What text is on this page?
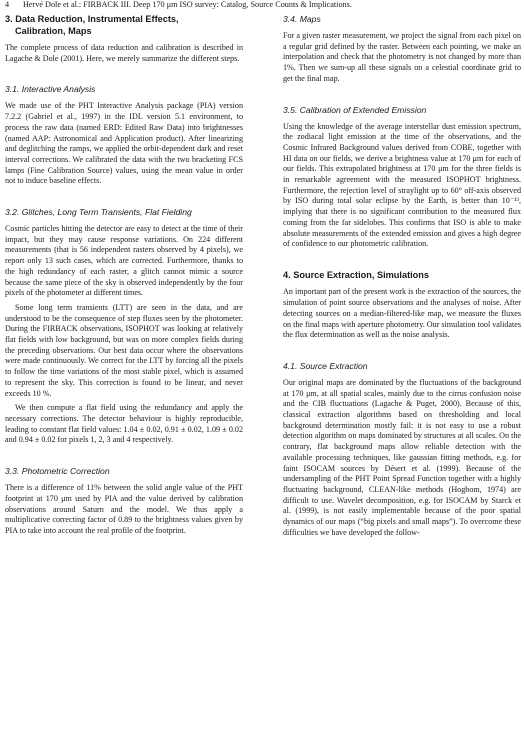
4 Hervé Dole et al.: FIRBACK III. Deep 170 μm ISO survey: Catalog, Source Counts & Implications.
3. Data Reduction, Instrumental Effects,
Calibration, Maps

The complete process of data reduction and calibration is described in Lagache & Dole (2001). Here, we merely summarize the different steps.

3.1. Interactive Analysis

We made use of the PHT Interactive Analysis package (PIA) version 7.2.2 (Gabriel et al., 1997) in the IDL version 5.1 environment, to process the raw data (named ERD: Edited Raw Data) into brightnesses (named AAP: Astronomical and Application product). After linearizing and deglitching the ramps, we applied the orbit-dependent dark and reset interval corrections. We calibrated the data with the two bracketing FCS lamps (Fine Calibration Source) values, using the mean value in order not to induce baseline effects.

3.2. Glitches, Long Term Transients, Flat Fielding

Cosmic particles hitting the detector are easy to detect at the time of their impact, but they may cause response variations. On 224 different measurements (that is 56 independent rasters observed by 4 pixels), we report only 13 such cases, which are corrected. Furthermore, thanks to the high redundancy of each raster, a glitch cannot mimic a source because the same piece of the sky is observed independently by the four pixels of the photometer at different times.

Some long term transients (LTT) are seen in the data, and are understood to be the consequence of step fluxes seen by the photometer. During the FIRBACK observations, ISOPHOT was looking at relatively flat fields with low background, but was on more complex fields during the preceding observations. Our best data occur where the observations were made continuously. We correct for the LTT by forcing all the pixels to follow the time variations of the most stable pixel, which is assumed to represent the sky. This correction is found to be linear, and never exceeds 10 %.

We then compute a flat field using the redundancy and apply the necessary corrections. The detector behaviour is highly reproducible, leading to constant flat field values: 1.04 ± 0.02, 0.91 ± 0.02, 1.09 ± 0.02 and 0.94 ± 0.02 for pixels 1, 2, 3 and 4 respectively.

3.3. Photometric Correction

There is a difference of 11% between the solid angle value of the PHT footprint at 170 μm used by PIA and the value derived by calibration observations around Saturn and the model. We thus apply a multiplicative correcting factor of 0.89 to the brightness values given by PIA to take into account the real profile of the footprint.

3.4. Maps

For a given raster measurement, we project the signal from each pixel on a regular grid defined by the raster. Between each pointing, we make an interpolation and check that the photometry is not changed by more than 1%. Then we sum-up all these signals on a celestial coordinate grid to get the final map.

3.5. Calibration of Extended Emission

Using the knowledge of the average interstellar dust emission spectrum, the zodiacal light emission at the time of the observations, and the Cosmic Infrared Background values derived from COBE, together with HI data on our fields, we derive a brightness value at 170 μm for each of our fields. This extrapolated brightness at 170 μm for the three fields is in remarkable agreement with the measured ISOPHOT brightness. Furthermore, the rejection level of straylight up to 60° off-axis observed by ISO during total solar eclipse by the Earth, is better than 10⁻¹³, implying that there is no significant contribution to the measured flux coming from the far sidelobes. This confirms that ISO is able to make absolute measurements of the extended emission and gives a high degree of confidence to our photometric calibration.

4. Source Extraction, Simulations

An important part of the present work is the extraction of the sources, the simulation of point source observations and the analyses of noise. After detecting sources on a median-filtered-like map, we measure the fluxes on the final maps with aperture photometry. Our simulation tool validates the flux determination as well as the noise analysis.

4.1. Source Extraction

Our original maps are dominated by the fluctuations of the background at 170 μm, at all spatial scales, mainly due to the cirrus confusion noise and the CIB fluctuations (Lagache & Puget, 2000). Because of this, classical extraction algorithms based on thresholding and local background determination mostly fail: it is not easy to use a robust detection algorithm on maps dominated by structures at all scales. On the contrary, flat background maps allow reliable detection with the available processing techniques, like gaussian fitting methods, e.g. for faint ISOCAM sources by Désert et al. (1999). Because of the undersampling of the PHT Point Spread Function together with a highly fluctuating background, CLEAN-like methods (Hogbom, 1974) are difficult to use. Wavelet decomposition, e.g. for ISOCAM by Starck et al. (1999), is not easily implementable because of the poor spatial dynamics of our maps (“big pixels and small maps”). To overcome these difficulties we have developed the follow-
